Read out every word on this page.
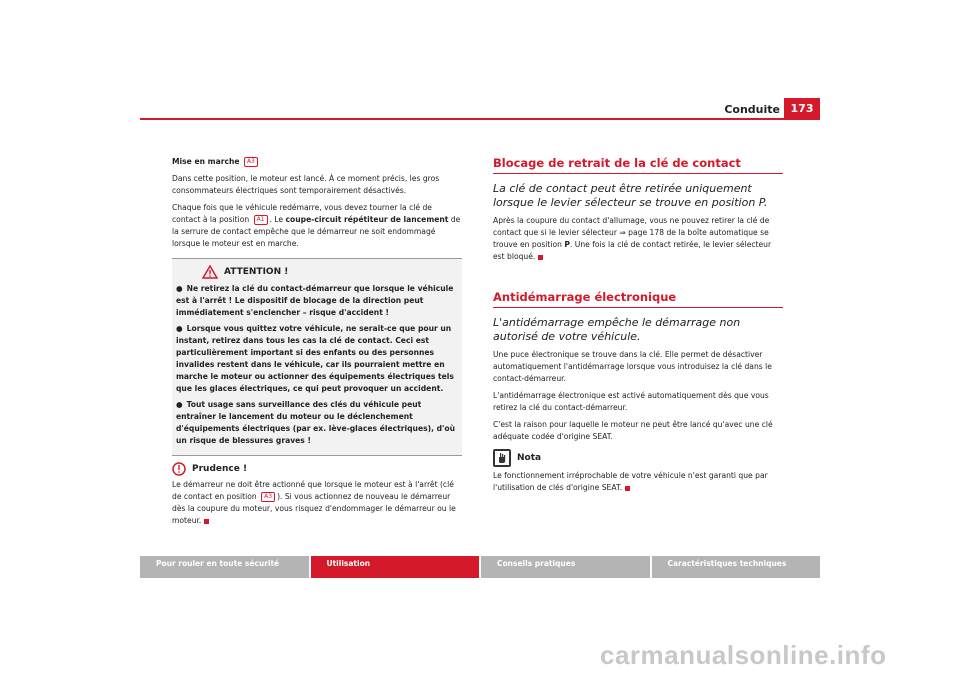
Conduite 173

Mise en marche A3

Dans cette position, le moteur est lancé. À ce moment précis, les gros consommateurs électriques sont temporairement désactivés.

Chaque fois que le véhicule redémarre, vous devez tourner la clé de contact à la position A1 . Le coupe-circuit répétiteur de lancement de la serrure de contact empêche que le démarreur ne soit endommagé lorsque le moteur est en marche.

ATTENTION !

● Ne retirez la clé du contact-démarreur que lorsque le véhicule est à l'arrêt ! Le dispositif de blocage de la direction peut immédiatement s'enclencher – risque d'accident !

● Lorsque vous quittez votre véhicule, ne serait-ce que pour un instant, retirez dans tous les cas la clé de contact. Ceci est particulièrement important si des enfants ou des personnes invalides restent dans le véhicule, car ils pourraient mettre en marche le moteur ou actionner des équipements électriques tels que les glaces électriques, ce qui peut provoquer un accident.

● Tout usage sans surveillance des clés du véhicule peut entraîner le lancement du moteur ou le déclenchement d'équipements électriques (par ex. lève-glaces électriques), d'où un risque de blessures graves !

Prudence !

Le démarreur ne doit être actionné que lorsque le moteur est à l'arrêt (clé de contact en position A3 ). Si vous actionnez de nouveau le démarreur dès la coupure du moteur, vous risquez d'endommager le démarreur ou le moteur.

Blocage de retrait de la clé de contact
La clé de contact peut être retirée uniquement lorsque le levier sélecteur se trouve en position P.

Après la coupure du contact d'allumage, vous ne pouvez retirer la clé de contact que si le levier sélecteur ⇒ page 178 de la boîte automatique se trouve en position P. Une fois la clé de contact retirée, le levier sélecteur est bloqué.

Antidémarrage électronique
L'antidémarrage empêche le démarrage non autorisé de votre véhicule.

Une puce électronique se trouve dans la clé. Elle permet de désactiver automatiquement l'antidémarrage lorsque vous introduisez la clé dans le contact-démarreur.

L'antidémarrage électronique est activé automatiquement dès que vous retirez la clé du contact-démarreur.

C'est la raison pour laquelle le moteur ne peut être lancé qu'avec une clé adéquate codée d'origine SEAT.

Nota

Le fonctionnement irréprochable de votre véhicule n'est garanti que par l'utilisation de clés d'origine SEAT.

Pour rouler en toute sécurité	Utilisation	Conseils pratiques	Caractéristiques techniques
carmanualsonline.info
